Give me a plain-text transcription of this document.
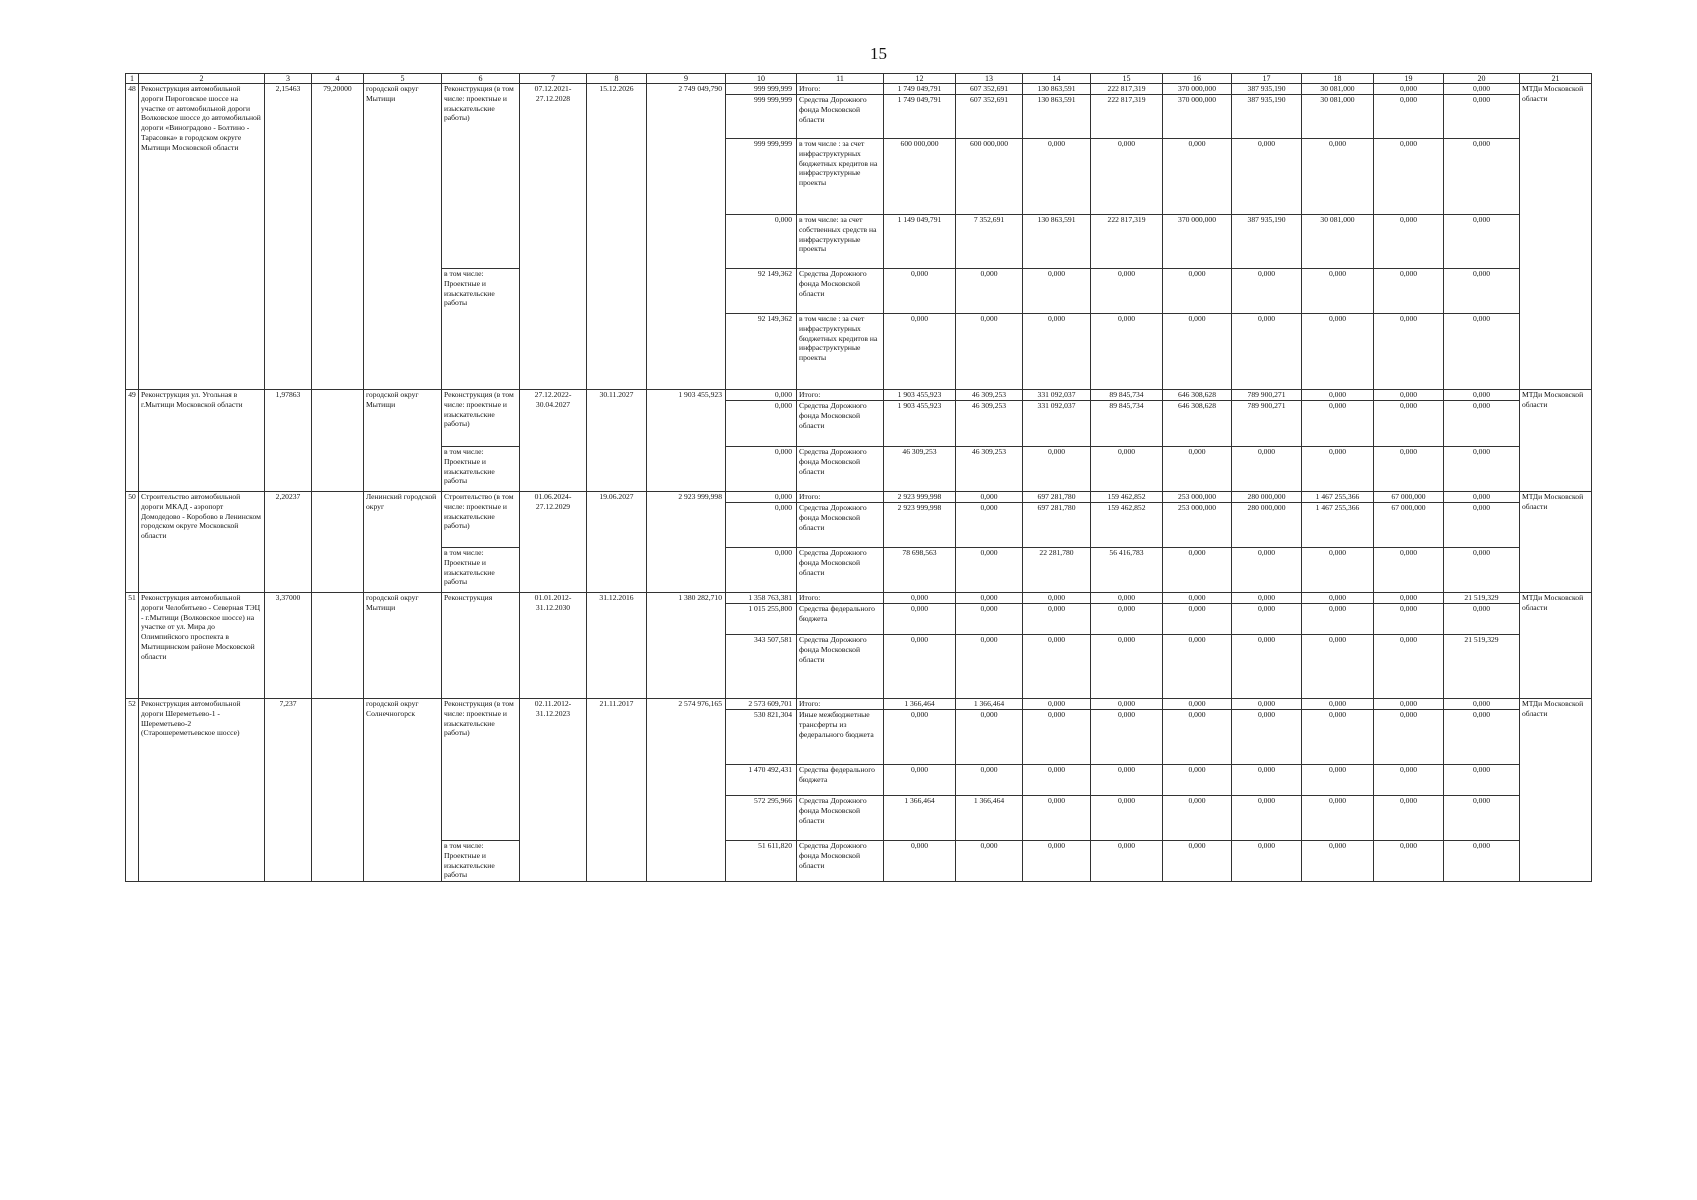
15
1	2	3	4	5	6	7	8	9	10	11	12	13	14	15	16	17	18	19	20	21
48	Реконструкция автомобильной дороги Пироговское шоссе на участке от автомобильной дороги Волковское шоссе до автомобильной дороги «Виноградово - Болтино - Тарасовка» в городском округе Мытищи Московской области	2,15463	79,20000	городской округ Мытищи	Реконструкция (в том числе: проектные и изыскательские работы)	07.12.2021-27.12.2028	15.12.2026	2 749 049,790	999 999,999	Итого:	1 749 049,791	607 352,691	130 863,591	222 817,319	370 000,000	387 935,190	30 081,000	0,000	0,000	МТДи Московской области
									999 999,999	Средства Дорожного фонда Московской области	1 749 049,791	607 352,691	130 863,591	222 817,319	370 000,000	387 935,190	30 081,000	0,000	0,000	
									999 999,999	в том числе : за счет инфраструктурных бюджетных кредитов на инфраструктурные проекты	600 000,000	600 000,000	0,000	0,000	0,000	0,000	0,000	0,000	0,000	
									0,000	в том числе: за счет собственных средств на инфраструктурные проекты	1 149 049,791	7 352,691	130 863,591	222 817,319	370 000,000	387 935,190	30 081,000	0,000	0,000	
					в том числе: Проектные и изыскательские работы				92 149,362	Средства Дорожного фонда Московской области	0,000	0,000	0,000	0,000	0,000	0,000	0,000	0,000	0,000	
									92 149,362	в том числе : за счет инфраструктурных бюджетных кредитов на инфраструктурные проекты	0,000	0,000	0,000	0,000	0,000	0,000	0,000	0,000	0,000	
49	Реконструкция ул. Угольная в г.Мытищи Московской области	1,97863		городской округ Мытищи	Реконструкция (в том числе: проектные и изыскательские работы)	27.12.2022-30.04.2027	30.11.2027	1 903 455,923	0,000	Итого:	1 903 455,923	46 309,253	331 092,037	89 845,734	646 308,628	789 900,271	0,000	0,000	0,000	МТДи Московской области
									0,000	Средства Дорожного фонда Московской области	1 903 455,923	46 309,253	331 092,037	89 845,734	646 308,628	789 900,271	0,000	0,000	0,000	
					в том числе: Проектные и изыскательские работы				0,000	Средства Дорожного фонда Московской области	46 309,253	46 309,253	0,000	0,000	0,000	0,000	0,000	0,000	0,000	
50	Строительство автомобильной дороги МКАД - аэропорт Домодедово - Коробово в Ленинском городском округе Московской области	2,20237		Ленинский городской округ	Строительство (в том числе: проектные и изыскательские работы)	01.06.2024-27.12.2029	19.06.2027	2 923 999,998	0,000	Итого:	2 923 999,998	0,000	697 281,780	159 462,852	253 000,000	280 000,000	1 467 255,366	67 000,000	0,000	МТДи Московской области
									0,000	Средства Дорожного фонда Московской области	2 923 999,998	0,000	697 281,780	159 462,852	253 000,000	280 000,000	1 467 255,366	67 000,000	0,000	
					в том числе: Проектные и изыскательские работы				0,000	Средства Дорожного фонда Московской области	78 698,563	0,000	22 281,780	56 416,783	0,000	0,000	0,000	0,000	0,000	
51	Реконструкция автомобильной дороги Челобитьево - Северная ТЭЦ - г.Мытищи (Волковское шоссе) на участке от ул. Мира до Олимпийского проспекта в Мытищинском районе Московской области	3,37000		городской округ Мытищи	Реконструкция	01.01.2012-31.12.2030	31.12.2016	1 380 282,710	1 358 763,381	Итого:	0,000	0,000	0,000	0,000	0,000	0,000	0,000	0,000	21 519,329	МТДи Московской области
									1 015 255,800	Средства федерального бюджета	0,000	0,000	0,000	0,000	0,000	0,000	0,000	0,000	0,000	
									343 507,581	Средства Дорожного фонда Московской области	0,000	0,000	0,000	0,000	0,000	0,000	0,000	0,000	21 519,329	
52	Реконструкция автомобильной дороги Шереметьево-1 - Шереметьево-2 (Старошереметьевское шоссе)	7,237		городской округ Солнечногорск	Реконструкция (в том числе: проектные и изыскательские работы)	02.11.2012-31.12.2023	21.11.2017	2 574 976,165	2 573 609,701	Итого:	1 366,464	1 366,464	0,000	0,000	0,000	0,000	0,000	0,000	0,000	МТДи Московской области
									530 821,304	Иные межбюджетные трансферты из федерального бюджета	0,000	0,000	0,000	0,000	0,000	0,000	0,000	0,000	0,000	
									1 470 492,431	Средства федерального бюджета	0,000	0,000	0,000	0,000	0,000	0,000	0,000	0,000	0,000	
									572 295,966	Средства Дорожного фонда Московской области	1 366,464	1 366,464	0,000	0,000	0,000	0,000	0,000	0,000	0,000	
					в том числе: Проектные и изыскательские работы				51 611,820	Средства Дорожного фонда Московской области	0,000	0,000	0,000	0,000	0,000	0,000	0,000	0,000	0,000	
